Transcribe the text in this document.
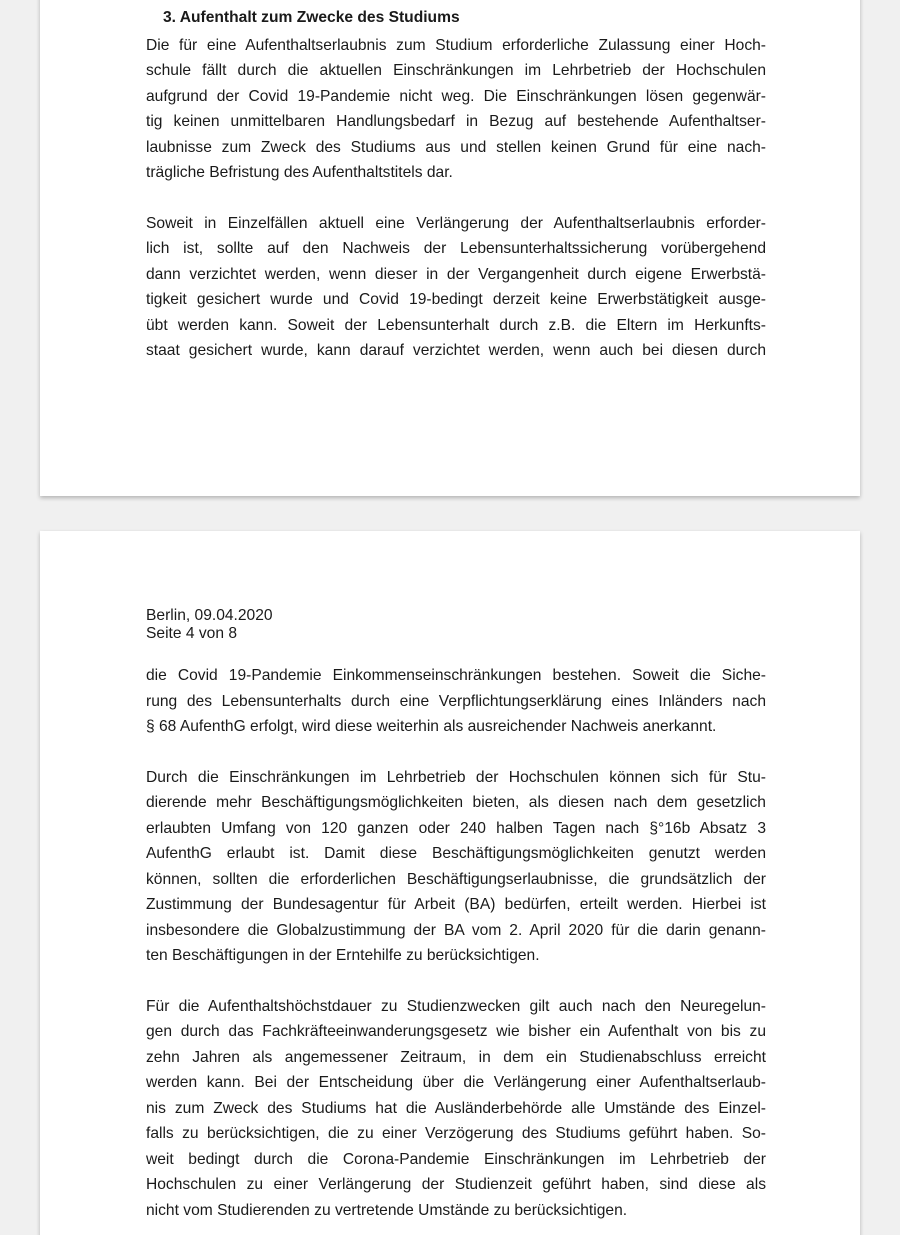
3. Aufenthalt zum Zwecke des Studiums
Die für eine Aufenthaltserlaubnis zum Studium erforderliche Zulassung einer Hoch-
schule fällt durch die aktuellen Einschränkungen im Lehrbetrieb der Hochschulen
aufgrund der Covid 19-Pandemie nicht weg. Die Einschränkungen lösen gegenwär-
tig keinen unmittelbaren Handlungsbedarf in Bezug auf bestehende Aufenthaltser-
laubnisse zum Zweck des Studiums aus und stellen keinen Grund für eine nach-
trägliche Befristung des Aufenthaltstitels dar.
Soweit in Einzelfällen aktuell eine Verlängerung der Aufenthaltserlaubnis erforder-
lich ist, sollte auf den Nachweis der Lebensunterhaltssicherung vorübergehend
dann verzichtet werden, wenn dieser in der Vergangenheit durch eigene Erwerbstä-
tigkeit gesichert wurde und Covid 19-bedingt derzeit keine Erwerbstätigkeit ausge-
übt werden kann. Soweit der Lebensunterhalt durch z.B. die Eltern im Herkunfts-
staat gesichert wurde, kann darauf verzichtet werden, wenn auch bei diesen durch
Berlin, 09.04.2020
Seite 4 von 8
die Covid 19-Pandemie Einkommenseinschränkungen bestehen. Soweit die Siche-
rung des Lebensunterhalts durch eine Verpflichtungserklärung eines Inländers nach
§ 68 AufenthG erfolgt, wird diese weiterhin als ausreichender Nachweis anerkannt.
Durch die Einschränkungen im Lehrbetrieb der Hochschulen können sich für Stu-
dierende mehr Beschäftigungsmöglichkeiten bieten, als diesen nach dem gesetzlich
erlaubten Umfang von 120 ganzen oder 240 halben Tagen nach §°16b Absatz 3
AufenthG erlaubt ist. Damit diese Beschäftigungsmöglichkeiten genutzt werden
können, sollten die erforderlichen Beschäftigungserlaubnisse, die grundsätzlich der
Zustimmung der Bundesagentur für Arbeit (BA) bedürfen, erteilt werden. Hierbei ist
insbesondere die Globalzustimmung der BA vom 2. April 2020 für die darin genann-
ten Beschäftigungen in der Erntehilfe zu berücksichtigen.
Für die Aufenthaltshöchstdauer zu Studienzwecken gilt auch nach den Neuregelun-
gen durch das Fachkräfteeinwanderungsgesetz wie bisher ein Aufenthalt von bis zu
zehn Jahren als angemessener Zeitraum, in dem ein Studienabschluss erreicht
werden kann. Bei der Entscheidung über die Verlängerung einer Aufenthaltserlaub-
nis zum Zweck des Studiums hat die Ausländerbehörde alle Umstände des Einzel-
falls zu berücksichtigen, die zu einer Verzögerung des Studiums geführt haben. So-
weit bedingt durch die Corona-Pandemie Einschränkungen im Lehrbetrieb der
Hochschulen zu einer Verlängerung der Studienzeit geführt haben, sind diese als
nicht vom Studierenden zu vertretende Umstände zu berücksichtigen.
